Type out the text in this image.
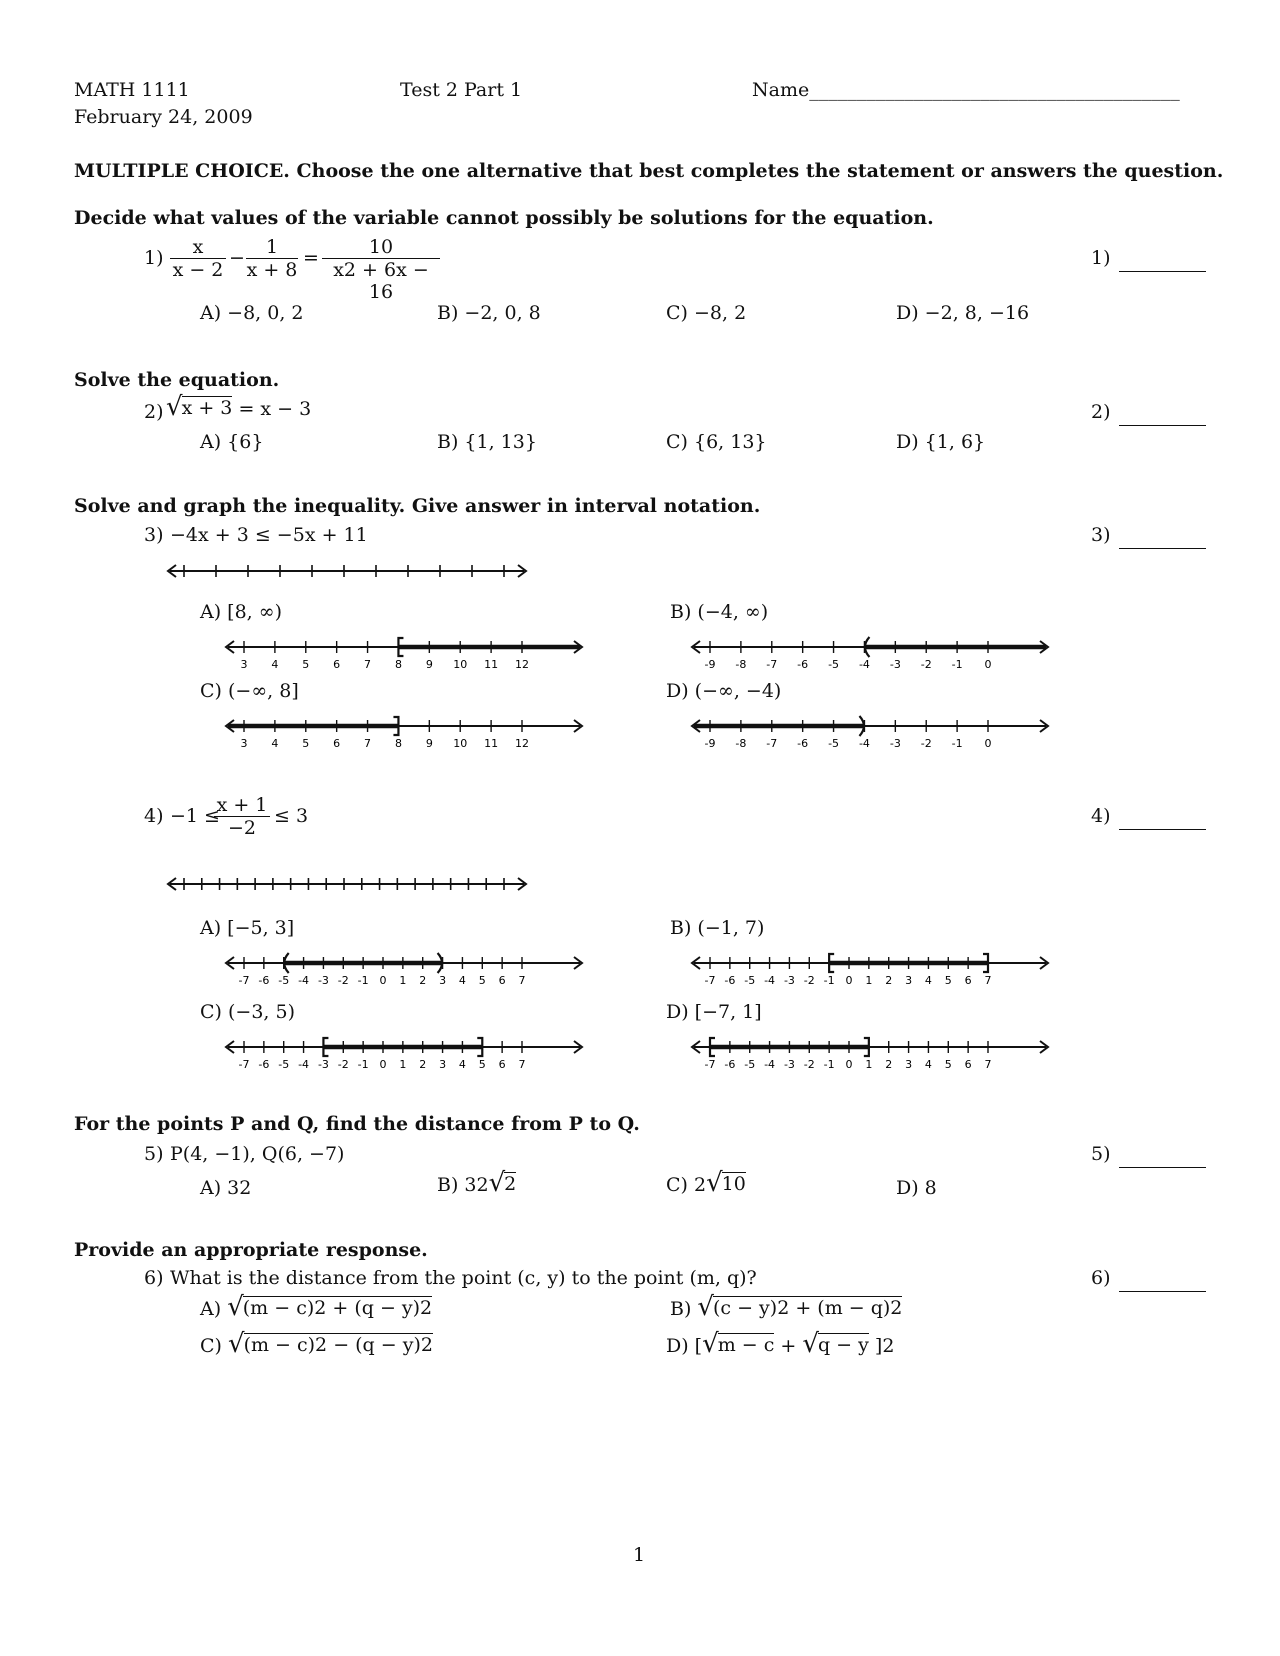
MATH 1111
February 24, 2009
Test 2 Part 1	Name_______________________________________
MULTIPLE CHOICE. Choose the one alternative that best completes the statement or answers the question.
Decide what values of the variable cannot possibly be solutions for the equation.
$1) \frac{x}{x - 2} - \frac{1}{x + 8} = \frac{10}{x2 + 6x - 16}$
A) −8, 0, 2	B) −2, 0, 8	C) −8, 2	D) −2, 8, −16
1)
Solve the equation.
2) √ x + 3 = x − 3
A) {6}	B) {1, 13}	C) {6, 13}	D) {1, 6}
2)
Solve and graph the inequality. Give answer in interval notation.
3) −4x + 3 ≤ −5x + 11	3)
A) [8, ∞)	B) (−4, ∞)
C) (−∞, 8]	D) (−∞, −4)
3 4 5 6 7 8 9 10 11 12	-9 -8 -7 -6 -5 -4 -3 -2 -1 0
3 4 5 6 7 8 9 10 11 12	-9 -8 -7 -6 -5 -4 -3 -2 -1 0
4) −1 ≤
$\frac{x + 1}{-2} \le 3$	4)
A) [−5, 3]	B) (−1, 7)
C) (−3, 5)	D) [−7, 1]
-7 -6 -5 -4 -3 -2 -1 0 1 2 3 4 5 6 7	-7 -6 -5 -4 -3 -2 -1 0 1 2 3 4 5 6 7
-7 -6 -5 -4 -3 -2 -1 0 1 2 3 4 5 6 7	-7 -6 -5 -4 -3 -2 -1 0 1 2 3 4 5 6 7
For the points P and Q, find the distance from P to Q.
5) P(4, −1), Q(6, −7)
A) 32	B) 32 √ 2	C) 2 √ 10	D) 8
5)
Provide an appropriate response.
6) What is the distance from the point (c, y) to the point (m, q)?	6)
A) √ (m − c)2 + (q − y)2	B) √ (c − y)2 + (m − q)2
C) √ (m − c)2 − (q − y)2	D) [ √ m − c + √ q − y ]2
1
